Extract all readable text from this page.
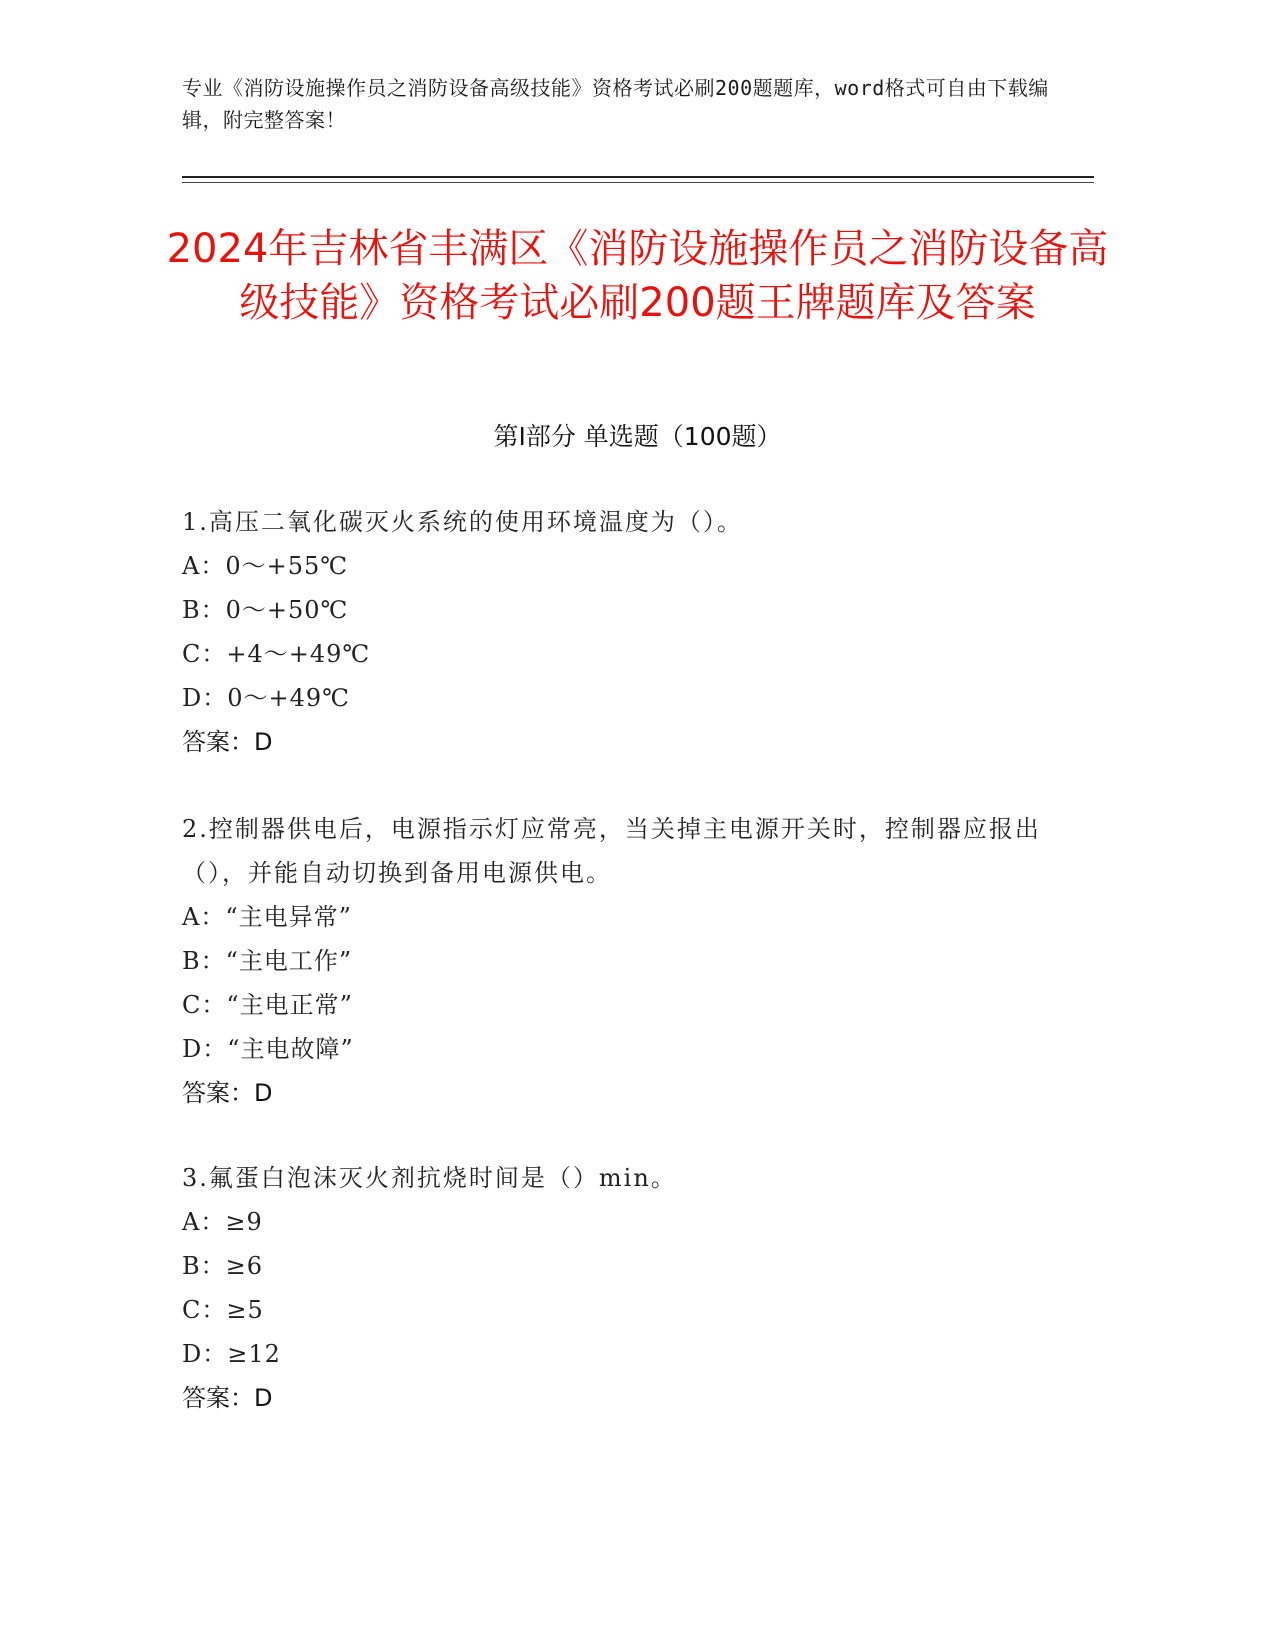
专业《消防设施操作员之消防设备高级技能》资格考试必刷200题题库，word格式可自由下载编辑，附完整答案！
2024年吉林省丰满区《消防设施操作员之消防设备高级技能》资格考试必刷200题王牌题库及答案
第Ⅰ部分 单选题（100题）
1.高压二氧化碳灭火系统的使用环境温度为（）。
A：0～+55℃
B：0～+50℃
C：+4～+49℃
D：0～+49℃
答案：D
2.控制器供电后，电源指示灯应常亮，当关掉主电源开关时，控制器应报出（），并能自动切换到备用电源供电。
A：“主电异常”
B：“主电工作”
C：“主电正常”
D：“主电故障”
答案：D
3.氟蛋白泡沫灭火剂抗烧时间是（）min。
A：≥9
B：≥6
C：≥5
D：≥12
答案：D
